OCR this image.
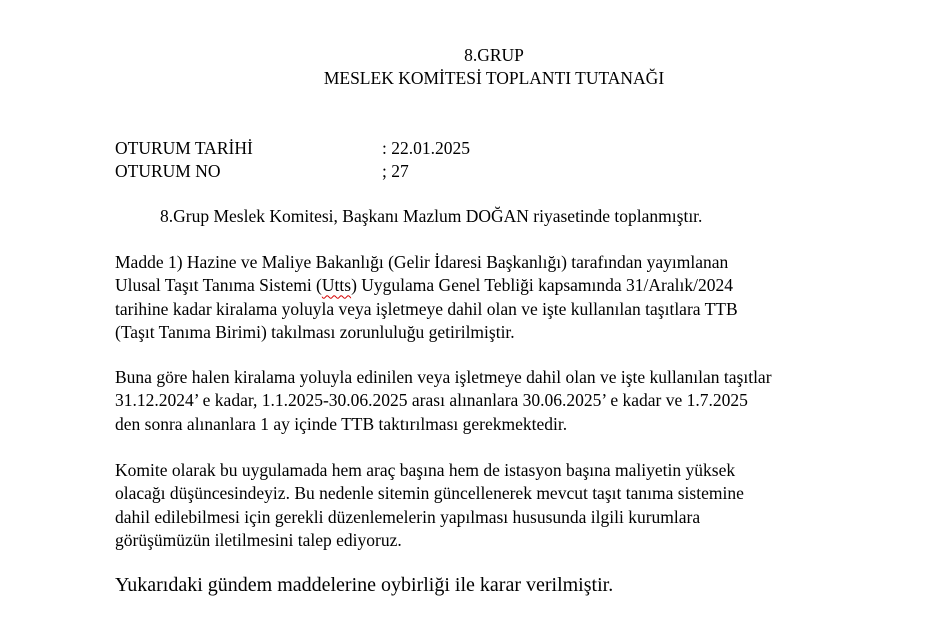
8.GRUP
MESLEK KOMİTESİ TOPLANTI TUTANAĞI
OTURUM TARİHİ	: 22.01.2025
OTURUM NO	; 27
8.Grup Meslek Komitesi, Başkanı Mazlum DOĞAN riyasetinde toplanmıştır.
Madde 1) Hazine ve Maliye Bakanlığı (Gelir İdaresi Başkanlığı) tarafından yayımlanan
Ulusal Taşıt Tanıma Sistemi (Utts) Uygulama Genel Tebliği kapsamında 31/Aralık/2024
tarihine kadar kiralama yoluyla veya işletmeye dahil olan ve işte kullanılan taşıtlara TTB
(Taşıt Tanıma Birimi) takılması zorunluluğu getirilmiştir.
Buna göre halen kiralama yoluyla edinilen veya işletmeye dahil olan ve işte kullanılan taşıtlar
31.12.2024’ e kadar, 1.1.2025-30.06.2025 arası alınanlara 30.06.2025’ e kadar ve 1.7.2025
den sonra alınanlara 1 ay içinde TTB taktırılması gerekmektedir.
Komite olarak bu uygulamada hem araç başına hem de istasyon başına maliyetin yüksek
olacağı düşüncesindeyiz. Bu nedenle sitemin güncellenerek mevcut taşıt tanıma sistemine
dahil edilebilmesi için gerekli düzenlemelerin yapılması hususunda ilgili kurumlara
görüşümüzün iletilmesini talep ediyoruz.
Yukarıdaki gündem maddelerine oybirliği ile karar verilmiştir.
